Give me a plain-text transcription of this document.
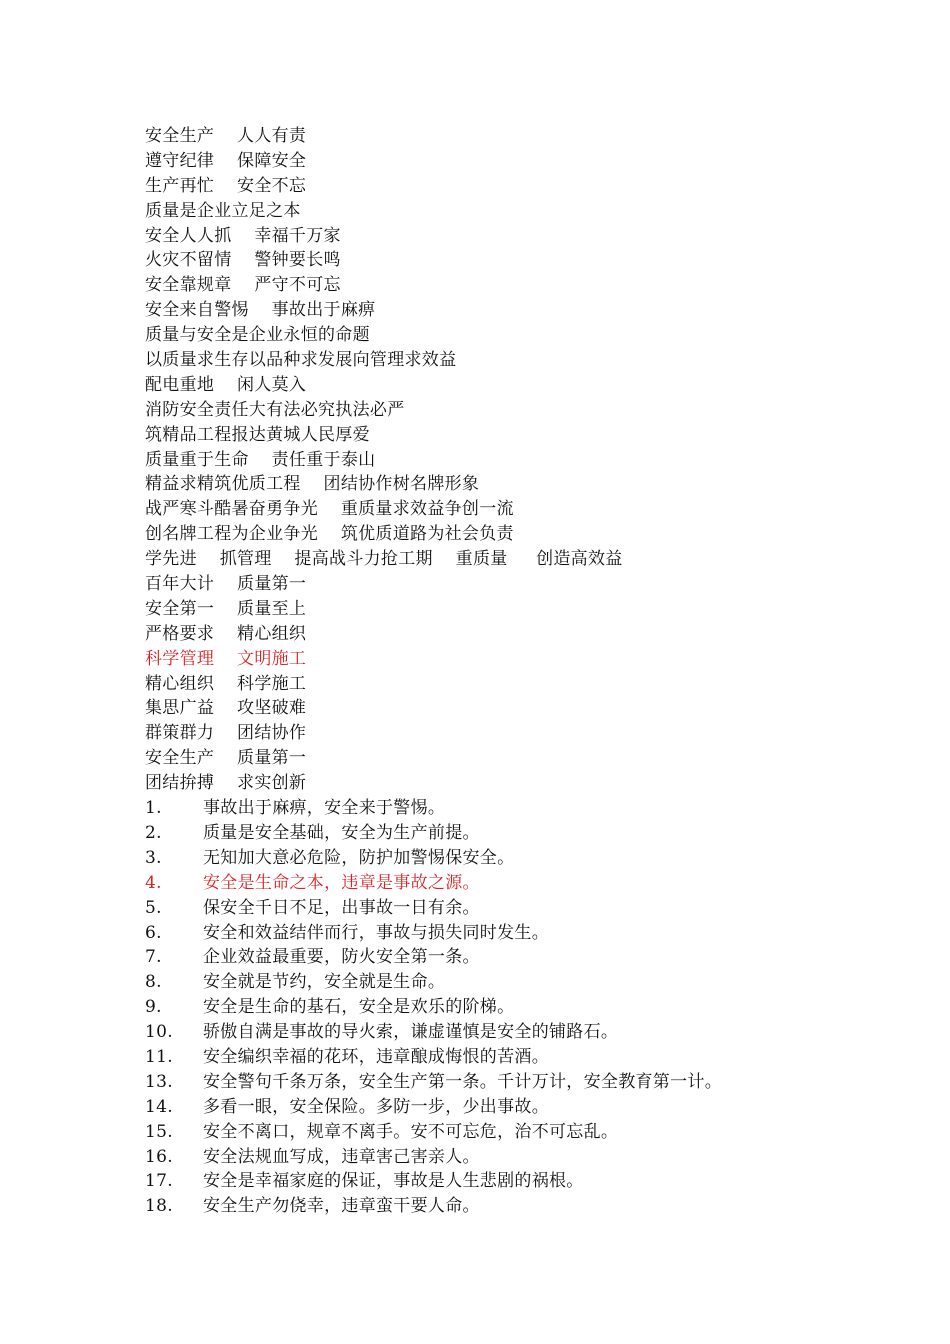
安全生产    人人有责
遵守纪律    保障安全
生产再忙    安全不忘
质量是企业立足之本
安全人人抓    幸福千万家
火灾不留情    警钟要长鸣
安全靠规章    严守不可忘
安全来自警惕    事故出于麻痹
质量与安全是企业永恒的命题
以质量求生存以品种求发展向管理求效益
配电重地    闲人莫入
消防安全责任大有法必究执法必严
筑精品工程报达黄城人民厚爱
质量重于生命    责任重于泰山
精益求精筑优质工程    团结协作树名牌形象
战严寒斗酷暑奋勇争光    重质量求效益争创一流
创名牌工程为企业争光    筑优质道路为社会负责
学先进    抓管理    提高战斗力抢工期    重质量     创造高效益
百年大计    质量第一
安全第一    质量至上
严格要求    精心组织
科学管理    文明施工
精心组织    科学施工
集思广益    攻坚破难
群策群力    团结协作
安全生产    质量第一
团结拚搏    求实创新
1.	事故出于麻痹，安全来于警惕。
2.	质量是安全基础，安全为生产前提。
3.	无知加大意必危险，防护加警惕保安全。
4.	安全是生命之本，违章是事故之源。
5.	保安全千日不足，出事故一日有余。
6.	安全和效益结伴而行，事故与损失同时发生。
7.	企业效益最重要，防火安全第一条。
8.	安全就是节约，安全就是生命。
9.	安全是生命的基石，安全是欢乐的阶梯。
10.	骄傲自满是事故的导火索，谦虚谨慎是安全的铺路石。
11.	安全编织幸福的花环，违章酿成悔恨的苦酒。
13.	安全警句千条万条，安全生产第一条。千计万计，安全教育第一计。
14.	多看一眼，安全保险。多防一步，少出事故。
15.	安全不离口，规章不离手。安不可忘危，治不可忘乱。
16.	安全法规血写成，违章害己害亲人。
17.	安全是幸福家庭的保证，事故是人生悲剧的祸根。
18.	安全生产勿侥幸，违章蛮干要人命。
